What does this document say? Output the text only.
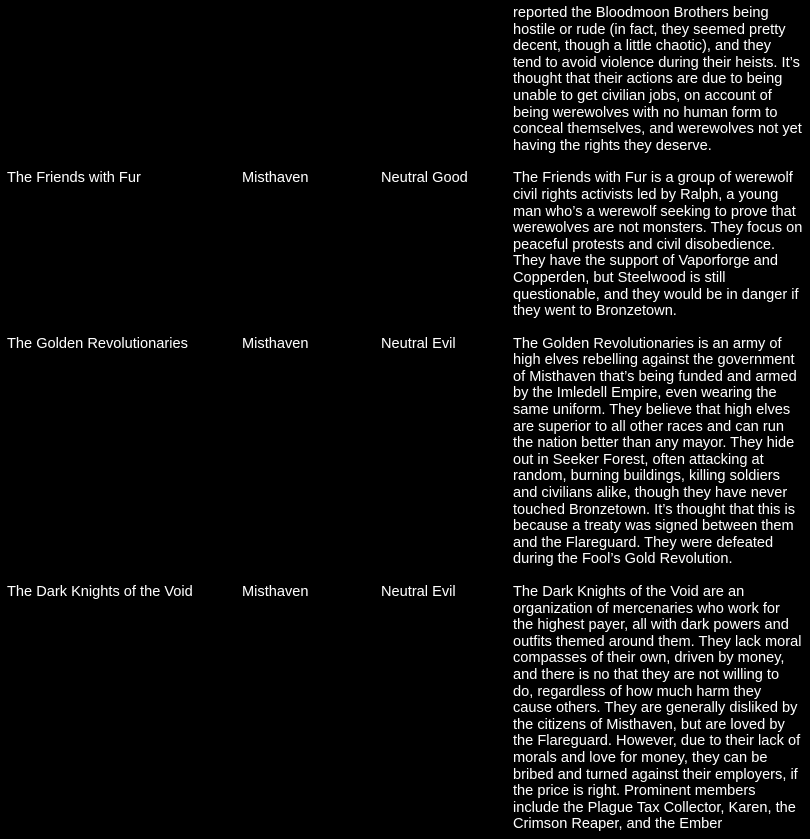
reported the Bloodmoon Brothers being
hostile or rude (in fact, they seemed pretty
decent, though a little chaotic), and they
tend to avoid violence during their heists. It’s
thought that their actions are due to being
unable to get civilian jobs, on account of
being werewolves with no human form to
conceal themselves, and werewolves not yet
having the rights they deserve.
The Friends with Fur	Misthaven	Neutral Good	The Friends with Fur is a group of werewolf
civil rights activists led by Ralph, a young
man who’s a werewolf seeking to prove that
werewolves are not monsters. They focus on
peaceful protests and civil disobedience.
They have the support of Vaporforge and
Copperden, but Steelwood is still
questionable, and they would be in danger if
they went to Bronzetown.
The Golden Revolutionaries	Misthaven	Neutral Evil	The Golden Revolutionaries is an army of
high elves rebelling against the government
of Misthaven that’s being funded and armed
by the Imledell Empire, even wearing the
same uniform. They believe that high elves
are superior to all other races and can run
the nation better than any mayor. They hide
out in Seeker Forest, often attacking at
random, burning buildings, killing soldiers
and civilians alike, though they have never
touched Bronzetown. It’s thought that this is
because a treaty was signed between them
and the Flareguard. They were defeated
during the Fool’s Gold Revolution.
The Dark Knights of the Void	Misthaven	Neutral Evil	The Dark Knights of the Void are an
organization of mercenaries who work for
the highest payer, all with dark powers and
outfits themed around them. They lack moral
compasses of their own, driven by money,
and there is no that they are not willing to
do, regardless of how much harm they
cause others. They are generally disliked by
the citizens of Misthaven, but are loved by
the Flareguard. However, due to their lack of
morals and love for money, they can be
bribed and turned against their employers, if
the price is right. Prominent members
include the Plague Tax Collector, Karen, the
Crimson Reaper, and the Ember
